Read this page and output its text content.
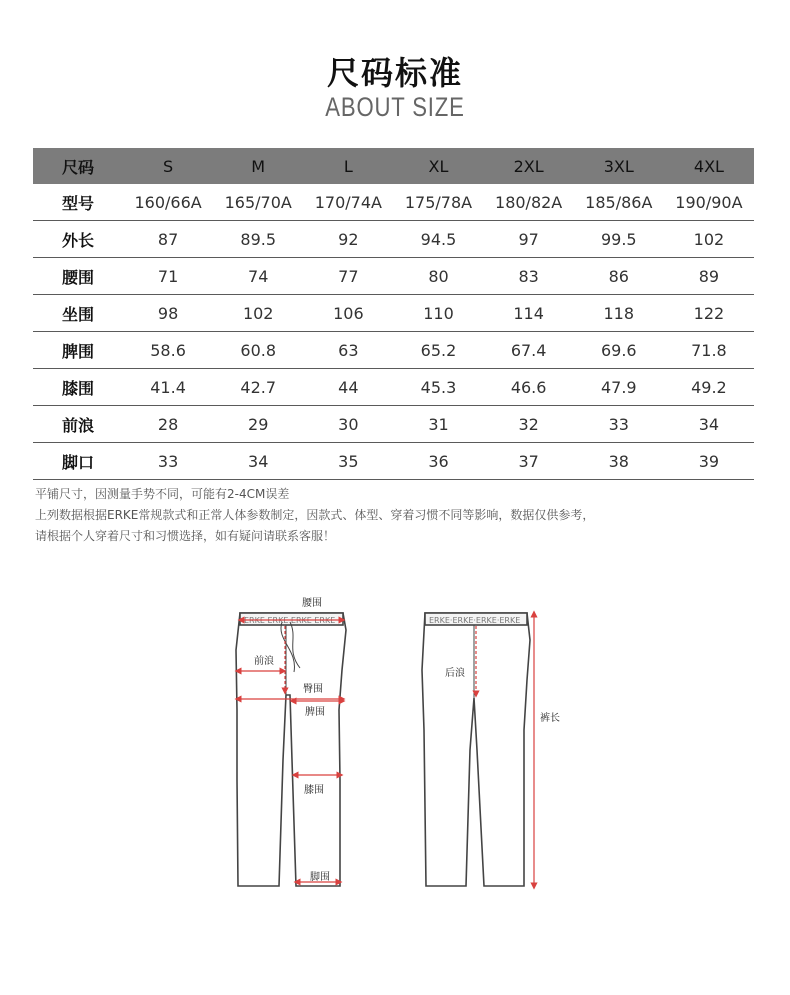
尺码标准
ABOUT SIZE
尺码	S	M	L	XL	2XL	3XL	4XL
型号	160/66A	165/70A	170/74A	175/78A	180/82A	185/86A	190/90A
外长	87	89.5	92	94.5	97	99.5	102
腰围	71	74	77	80	83	86	89
坐围	98	102	106	110	114	118	122
脾围	58.6	60.8	63	65.2	67.4	69.6	71.8
膝围	41.4	42.7	44	45.3	46.6	47.9	49.2
前浪	28	29	30	31	32	33	34
脚口	33	34	35	36	37	38	39
平铺尺寸，因测量手势不同，可能有2-4CM误差
上列数据根据ERKE常规款式和正常人体参数制定，因款式、体型、穿着习惯不同等影响，数据仅供参考，
请根据个人穿着尺寸和习惯选择，如有疑问请联系客服！
ERKE·ERKE·ERKE·ERKE
腰围
前浪
臀围
脾围
膝围
脚围
ERKE·ERKE·ERKE·ERKE
后浪
裤长
